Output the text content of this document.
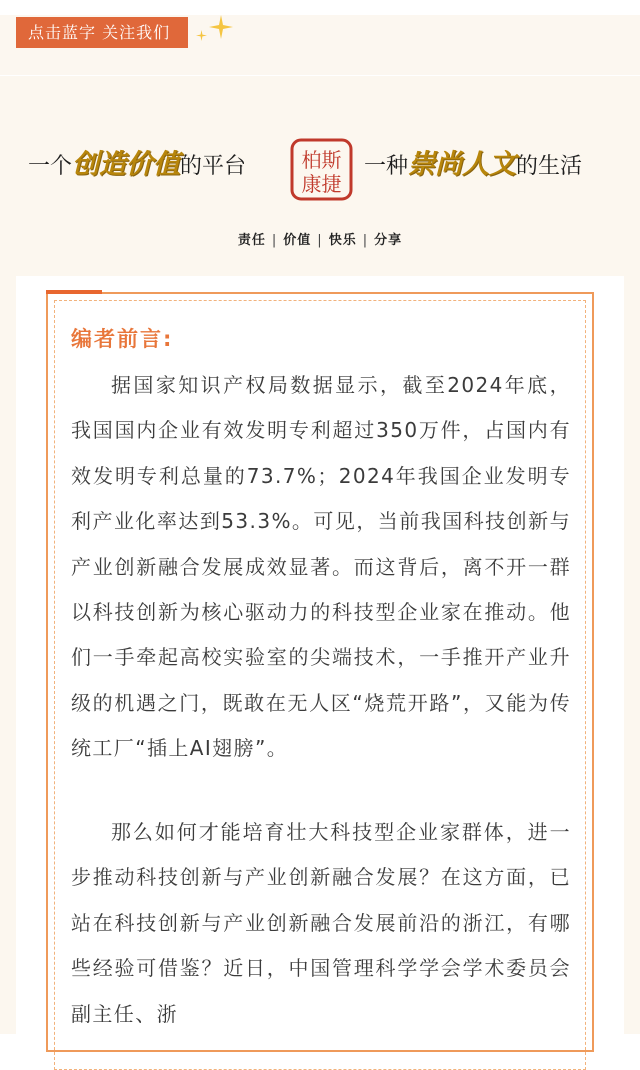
点击蓝字 关注我们
一个创造价值的平台	柏斯
康捷
一种崇尚人文的生活
责任 | 价值 | 快乐 | 分享
编者前言:

据国家知识产权局数据显示，截至2024年底，我国国内企业有效发明专利超过350万件，占国内有效发明专利总量的73.7%；2024年我国企业发明专利产业化率达到53.3%。可见，当前我国科技创新与产业创新融合发展成效显著。而这背后，离不开一群以科技创新为核心驱动力的科技型企业家在推动。他们一手牵起高校实验室的尖端技术，一手推开产业升级的机遇之门，既敢在无人区“烧荒开路”，又能为传统工厂“插上AI翅膀”。

那么如何才能培育壮大科技型企业家群体，进一步推动科技创新与产业创新融合发展？在这方面，已站在科技创新与产业创新融合发展前沿的浙江，有哪些经验可借鉴？近日，中国管理科学学会学术委员会副主任、浙
